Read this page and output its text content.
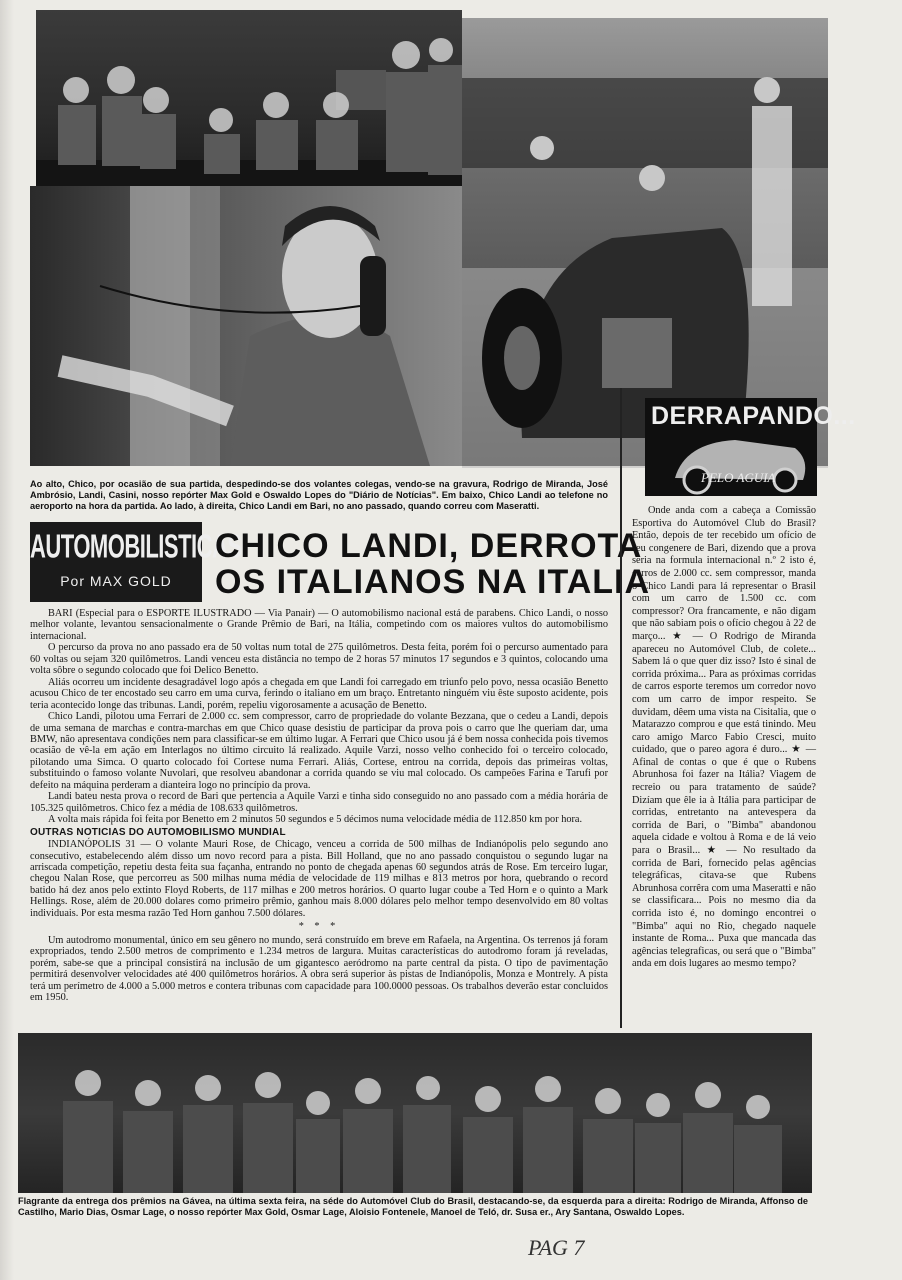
Ao alto, Chico, por ocasião de sua partida, despedindo-se dos volantes colegas, vendo-se na gravura, Rodrigo de Miranda, José Ambrósio, Landi, Casini, nosso repórter Max Gold e Oswaldo Lopes do "Diário de Notícias". Em baixo, Chico Landi ao telefone no aeroporto na hora da partida. Ao lado, à direita, Chico Landi em Bari, no ano passado, quando correu com Maseratti.
AUTOMOBILISTICAS
Por MAX GOLD
CHICO LANDI, DERROTA
OS ITALIANOS NA ITALIA

BARI (Especial para o ESPORTE ILUSTRADO — Via Panair) — O automobilismo nacional está de parabens. Chico Landi, o nosso melhor volante, levantou sensacionalmente o Grande Prêmio de Bari, na Itália, competindo com os maiores vultos do automobilismo internacional.

O percurso da prova no ano passado era de 50 voltas num total de 275 quilômetros. Desta feita, porém foi o percurso aumentado para 60 voltas ou sejam 320 quilômetros. Landi venceu esta distância no tempo de 2 horas 57 minutos 17 segundos e 3 quintos, colocando uma volta sôbre o segundo colocado que foi Delico Benetto.

Aliás ocorreu um incidente desagradável logo após a chegada em que Landi foi carregado em triunfo pelo povo, nessa ocasião Benetto acusou Chico de ter encostado seu carro em uma curva, ferindo o italiano em um braço. Entretanto ninguém viu êste suposto acidente, pois teria acontecido longe das tribunas. Landi, porém, repeliu vigorosamente a acusação de Benetto.

Chico Landi, pilotou uma Ferrari de 2.000 cc. sem compressor, carro de propriedade do volante Bezzana, que o cedeu a Landi, depois de uma semana de marchas e contra-marchas em que Chico quase desistiu de participar da prova pois o carro que lhe queriam dar, uma BMW, não apresentava condições nem para classificar-se em último lugar. A Ferrari que Chico usou já é bem nossa conhecida pois tivemos ocasião de vê-la em ação em Interlagos no último circuito lá realizado. Aquile Varzi, nosso velho conhecido foi o terceiro colocado, pilotando uma Simca. O quarto colocado foi Cortese numa Ferrari. Aliás, Cortese, entrou na corrida, depois das primeiras voltas, substituindo o famoso volante Nuvolari, que resolveu abandonar a corrida quando se viu mal colocado. Os campeões Farina e Tarufi por defeito na máquina perderam a dianteira logo no princípio da prova.

Landi bateu nesta prova o record de Bari que pertencia a Aquile Varzi e tinha sido conseguido no ano passado com a média horária de 105.325 quilômetros. Chico fez a média de 108.633 quilômetros.

A volta mais rápida foi feita por Benetto em 2 minutos 50 segundos e 5 décimos numa velocidade média de 112.850 km por hora.

OUTRAS NOTICIAS DO AUTOMOBILISMO MUNDIAL

INDIANÓPOLIS 31 — O volante Mauri Rose, de Chicago, venceu a corrida de 500 milhas de Indianópolis pelo segundo ano consecutivo, estabelecendo além disso um novo record para a pista. Bill Holland, que no ano passado conquistou o segundo lugar na arriscada competição, repetiu desta feita sua façanha, entrando no ponto de chegada apenas 60 segundos atrás de Rose. Em terceiro lugar, chegou Nalan Rose, que percorreu as 500 milhas numa média de velocidade de 119 milhas e 813 metros por hora, quebrando o record batido há dez anos pelo extinto Floyd Roberts, de 117 milhas e 200 metros horários. O quarto lugar coube a Ted Horn e o quinto a Mark Hellings. Rose, além de 20.000 dolares como primeiro prêmio, ganhou mais 8.000 dólares pelo melhor tempo desenvolvido em 80 voltas individuais. Por esta mesma razão Ted Horn ganhou 7.500 dólares.

* * *

Um autodromo monumental, único em seu gênero no mundo, será construído em breve em Rafaela, na Argentina. Os terrenos já foram expropriados, tendo 2.500 metros de comprimento e 1.234 metros de largura. Muitas características do autodromo foram já reveladas, porém, sabe-se que a principal consistirá na inclusão de um gigantesco aeródromo na parte central da pista. O tipo de pavimentação permitirá desenvolver velocidades até 400 quilômetros horários. A obra será superior às pistas de Indianópolis, Monza e Montrely. A pista terá um perímetro de 4.000 a 5.000 metros e contera tribunas com capacidade para 100.0000 pessoas. Os trabalhos deverão estar concluidos em 1950.

DERRAPANDO...
PELO AGUIA

Onde anda com a cabeça a Comissão Esportiva do Automóvel Club do Brasil? Então, depois de ter recebido um ofício de seu congenere de Bari, dizendo que a prova seria na formula internacional n.º 2 isto é, carros de 2.000 cc. sem compressor, manda o Chico Landi para lá representar o Brasil com um carro de 1.500 cc. com compressor? Ora francamente, e não digam que não sabiam pois o ofício chegou à 22 de março... ★ — O Rodrigo de Miranda apareceu no Automóvel Club, de colete... Sabem lá o que quer diz isso? Isto é sinal de corrida próxima... Para as próximas corridas de carros esporte teremos um corredor novo com um carro de impor respeito. Se duvidam, dêem uma vista na Cisitalia, que o Matarazzo comprou e que está tinindo. Meu caro amigo Marco Fabio Cresci, muito cuidado, que o pareo agora é duro... ★ — Afinal de contas o que é que o Rubens Abrunhosa foi fazer na Itália? Viagem de recreio ou para tratamento de saúde? Dizíam que êle ia à Itália para participar de corridas, entretanto na antevespera da corrida de Bari, o "Bimba" abandonou aquela cidade e voltou à Roma e de lá veio para o Brasil... ★ — No resultado da corrida de Bari, fornecido pelas agências telegráficas, citava-se que Rubens Abrunhosa corrêra com uma Maseratti e não se classificara... Pois no mesmo dia da corrida isto é, no domingo encontrei o "Bimba" aqui no Rio, chegado naquele instante de Roma... Puxa que mancada das agências telegraficas, ou será que o "Bimba" anda em dois lugares ao mesmo tempo?

Flagrante da entrega dos prêmios na Gávea, na última sexta feira, na séde do Automóvel Club do Brasil, destacando-se, da esquerda para a direita: Rodrigo de Miranda, Affonso de Castilho, Mario Dias, Osmar Lage, o nosso repórter Max Gold, Osmar Lage, Aloisio Fontenele, Manoel de Teló, dr. Susa er., Ary Santana, Oswaldo Lopes.
PAG 7
